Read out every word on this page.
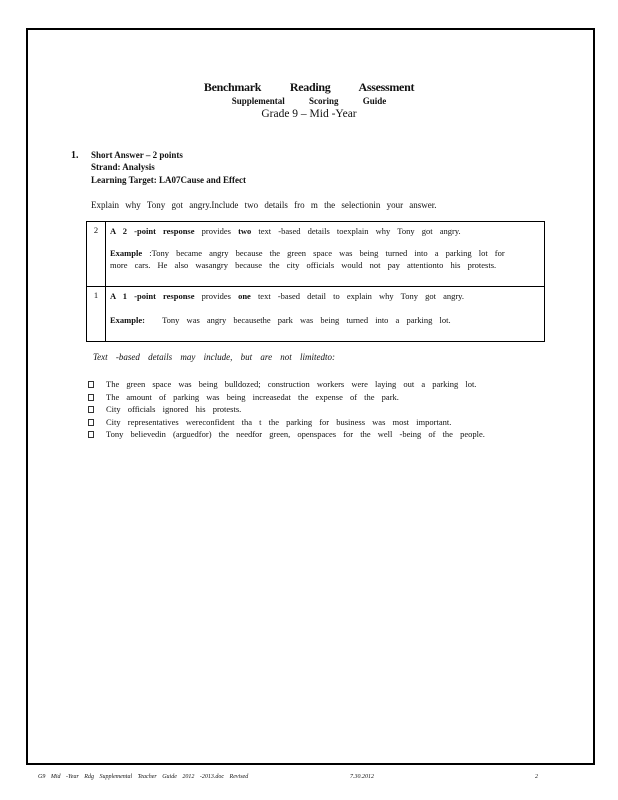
Benchmark Reading Assessment
Supplemental Scoring Guide
Grade 9 – Mid -Year
1. Short Answer – 2 points
Strand: Analysis
Learning Target: LA07Cause and Effect
Explain why Tony got angry.Include two details fro m the selectionin your answer.
2	A 2 -point response provides two text -based details toexplain why Tony got angry.
Example :Tony became angry because the green space was being turned into a parking lot for
more cars. He also wasangry because the city officials would not pay attentionto his protests.

1	A 1 -point response provides one text -based detail to explain why Tony got angry.
Example: Tony was angry becausethe park was being turned into a parking lot.
Text -based details may include, but are not limitedto:
The green space was being bulldozed; construction workers were laying out a parking lot.
The amount of parking was being increasedat the expense of the park.
City officials ignored his protests.
City representatives wereconfident tha t the parking for business was most important.
Tony believedin (arguedfor) the needfor green, openspaces for the well -being of the people.
G9 Mid -Year Rdg Supplemental Teacher Guide 2012 -2013.doc Revised	7.30.2012	2
